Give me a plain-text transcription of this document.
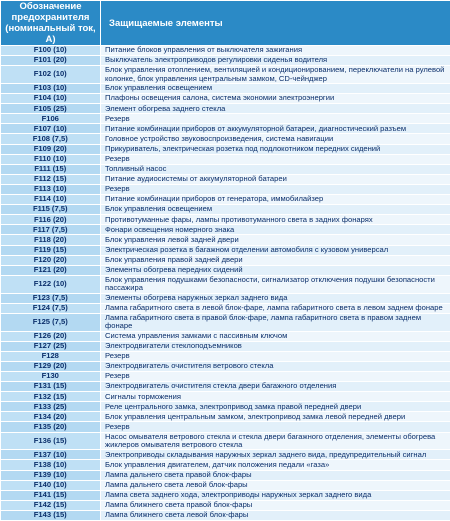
Обозначение предохранителя (номинальный ток, А)	Защищаемые элементы
F100 (10)	Питание блоков управления от выключателя зажигания
F101 (20)	Выключатель электроприводов регулировки сиденья водителя
F102 (10)	Блок управления отоплением, вентиляцией и кондиционированием, переключатели на рулевой колонке, блок управления центральным замком, CD-чейнджер
F103 (10)	Блок управления освещением
F104 (10)	Плафоны освещения салона, система экономии электроэнергии
F105 (25)	Элемент обогрева заднего стекла
F106	Резерв
F107 (10)	Питание комбинации приборов от аккумуляторной батареи, диагностический разъем
F108 (7,5)	Головное устройство звуковоспроизведения, система навигации
F109 (20)	Прикуриватель, электрическая розетка под подлокотником передних сидений
F110 (10)	Резерв
F111 (15)	Топливный насос
F112 (15)	Питание аудиосистемы от аккумуляторной батареи
F113 (10)	Резерв
F114 (10)	Питание комбинации приборов от генератора, иммобилайзер
F115 (7,5)	Блок управления освещением
F116 (20)	Противотуманные фары, лампы противотуманного света в задних фонарях
F117 (7,5)	Фонари освещения номерного знака
F118 (20)	Блок управления левой задней двери
F119 (15)	Электрическая розетка в багажном отделении автомобиля с кузовом универсал
F120 (20)	Блок управления правой задней двери
F121 (20)	Элементы обогрева передних сидений
F122 (10)	Блок управления подушками безопасности, сигнализатор отключения подушки безопасности пассажира
F123 (7,5)	Элементы обогрева наружных зеркал заднего вида
F124 (7,5)	Лампа габаритного света в левой блок-фаре, лампа габаритного света в левом заднем фонаре
F125 (7,5)	Лампа габаритного света в правой блок-фаре, лампа габаритного света в правом заднем фонаре
F126 (20)	Система управления замками с пассивным ключом
F127 (25)	Электродвигатели стеклоподъемников
F128	Резерв
F129 (20)	Электродвигатель очистителя ветрового стекла
F130	Резерв
F131 (15)	Электродвигатель очистителя стекла двери багажного отделения
F132 (15)	Сигналы торможения
F133 (25)	Реле центрального замка, электропривод замка правой передней двери
F134 (20)	Блок управления центральным замком, электропривод замка левой передней двери
F135 (20)	Резерв
F136 (15)	Насос омывателя ветрового стекла и стекла двери багажного отделения, элементы обогрева жиклеров омывателя ветрового стекла
F137 (10)	Электроприводы складывания наружных зеркал заднего вида, предупредительный сигнал
F138 (10)	Блок управления двигателем, датчик положения педали «газа»
F139 (10)	Лампа дальнего света правой блок-фары
F140 (10)	Лампа дальнего света левой блок-фары
F141 (15)	Лампа света заднего хода, электроприводы наружных зеркал заднего вида
F142 (15)	Лампа ближнего света правой блок-фары
F143 (15)	Лампа ближнего света левой блок-фары
